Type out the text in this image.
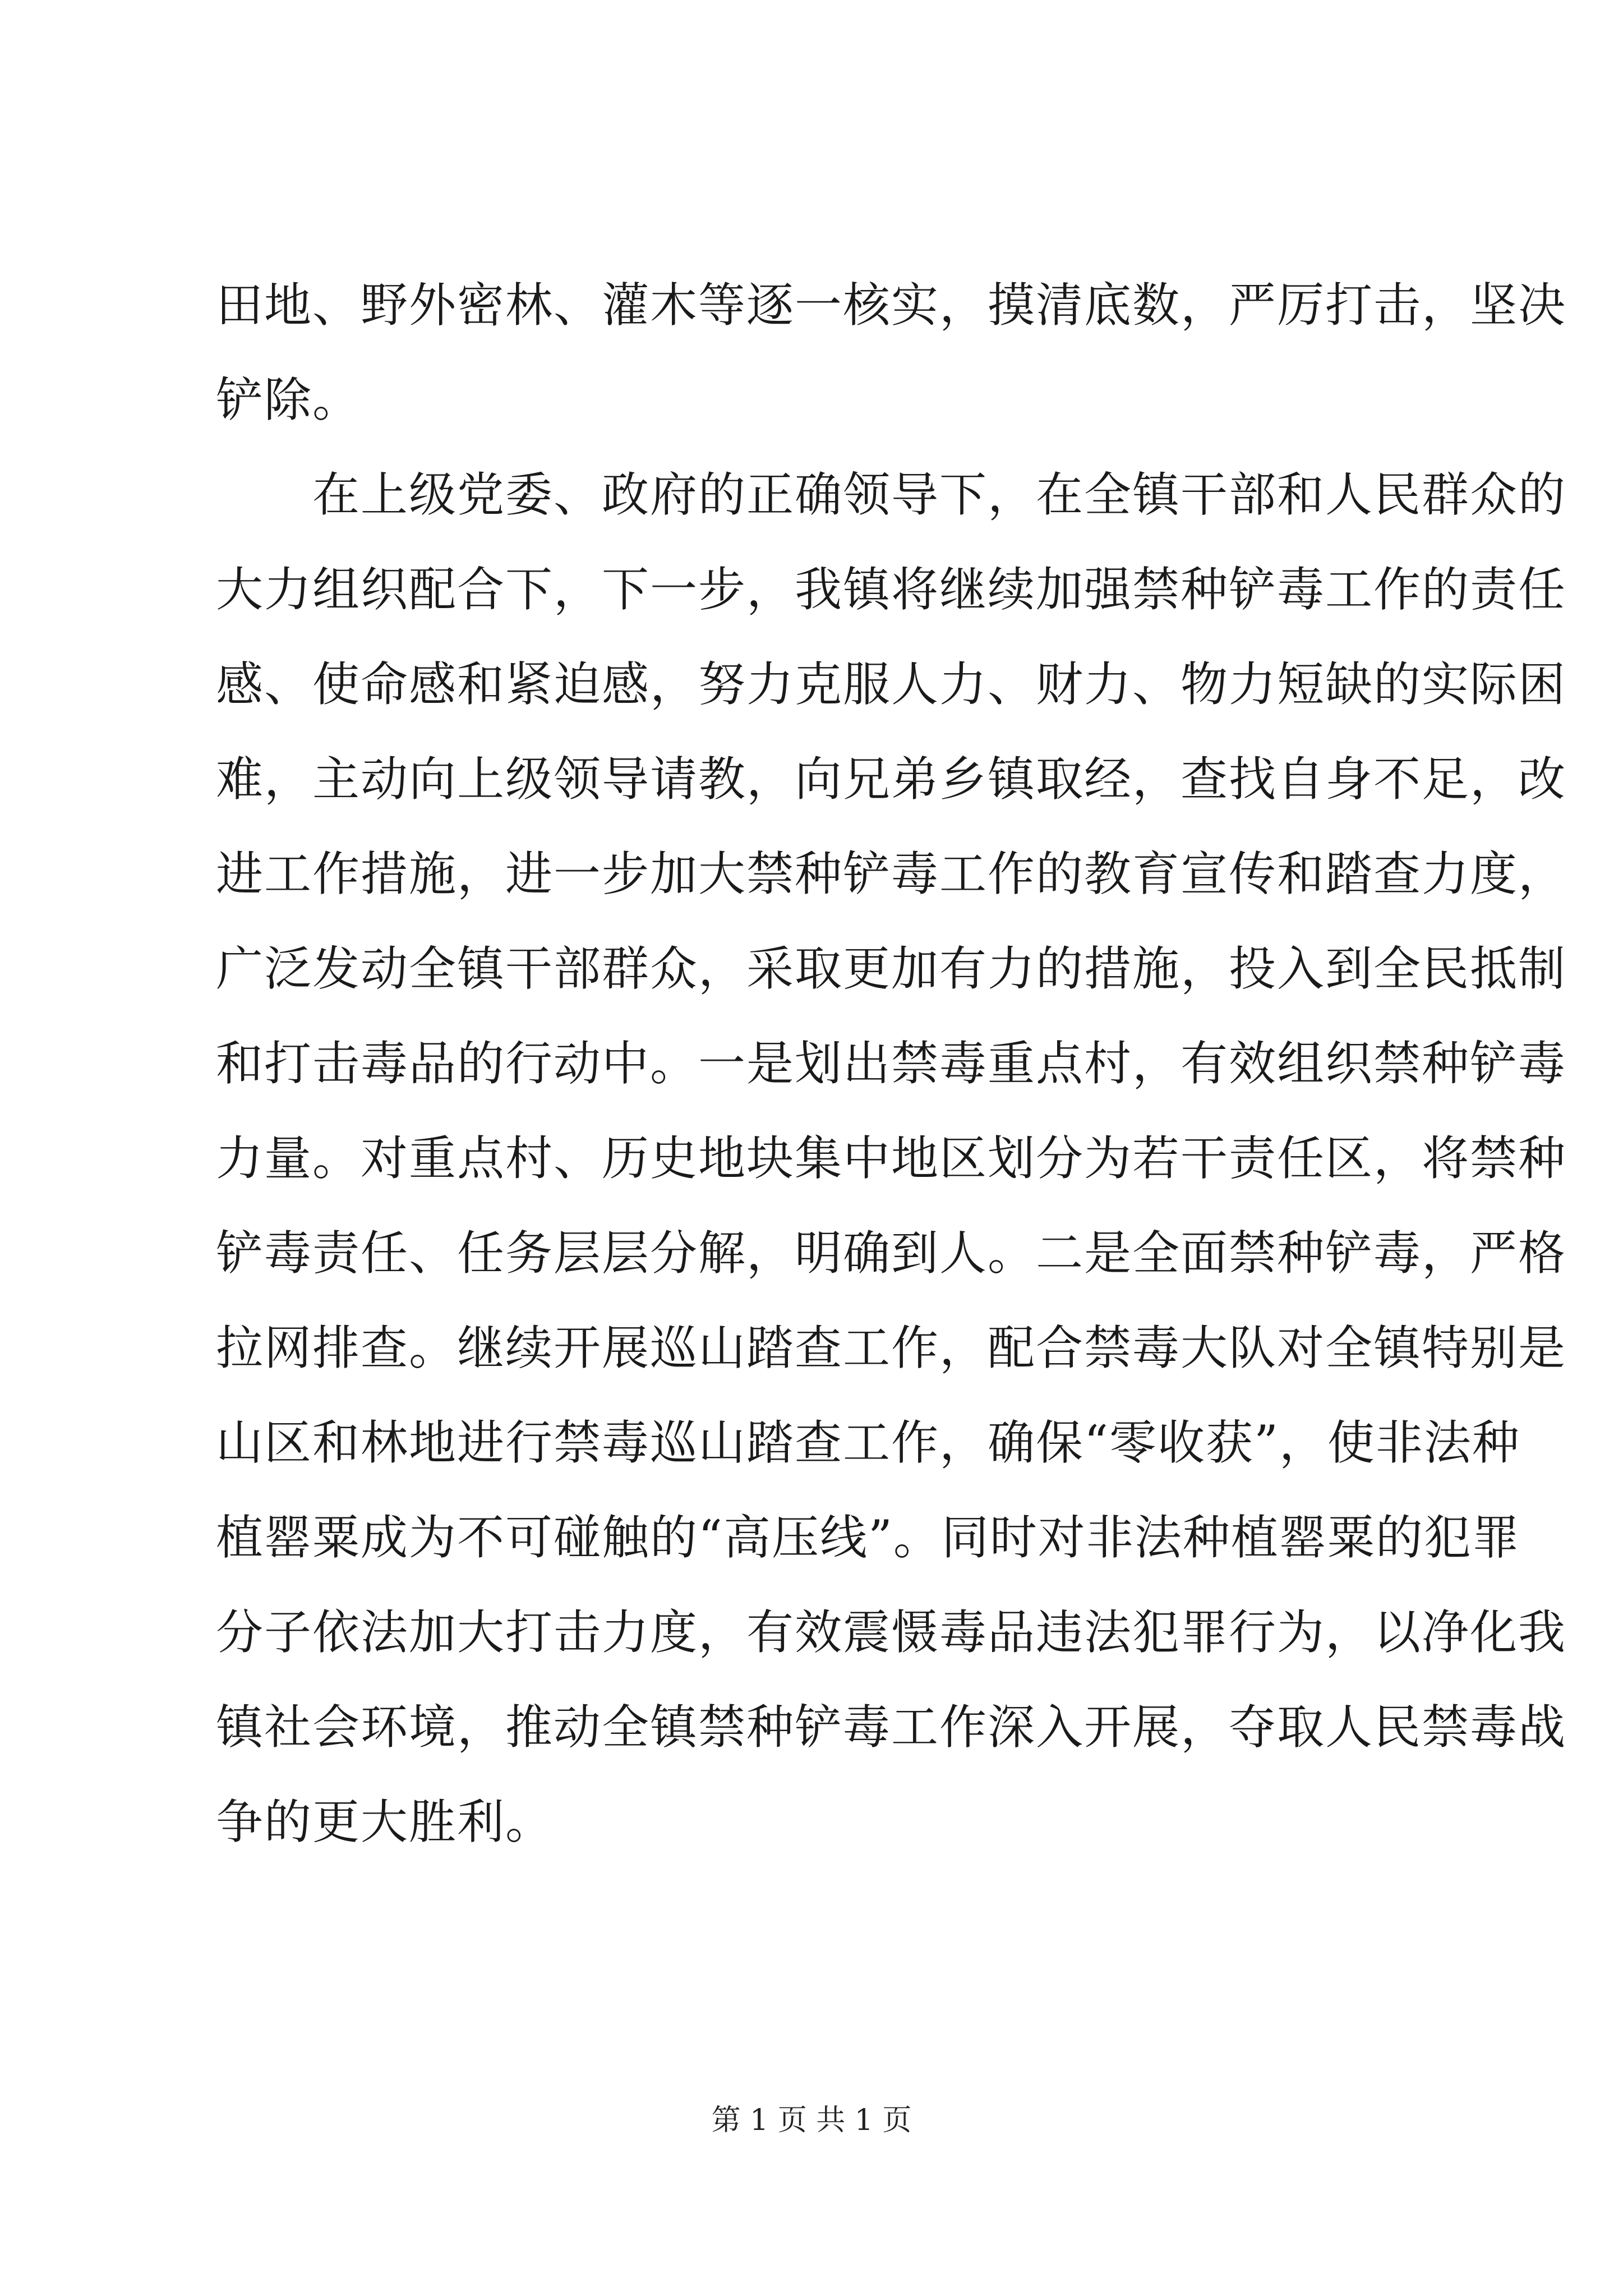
田地、野外密林、灌木等逐一核实，摸清底数，严厉打击，坚决
铲除。
　　在上级党委、政府的正确领导下，在全镇干部和人民群众的
大力组织配合下，下一步，我镇将继续加强禁种铲毒工作的责任
感、使命感和紧迫感，努力克服人力、财力、物力短缺的实际困
难，主动向上级领导请教，向兄弟乡镇取经，查找自身不足，改
进工作措施，进一步加大禁种铲毒工作的教育宣传和踏查力度，
广泛发动全镇干部群众，采取更加有力的措施，投入到全民抵制
和打击毒品的行动中。一是划出禁毒重点村，有效组织禁种铲毒
力量。对重点村、历史地块集中地区划分为若干责任区，将禁种
铲毒责任、任务层层分解，明确到人。二是全面禁种铲毒，严格
拉网排查。继续开展巡山踏查工作，配合禁毒大队对全镇特别是
山区和林地进行禁毒巡山踏查工作，确保“零收获”，使非法种
植罂粟成为不可碰触的“高压线”。同时对非法种植罂粟的犯罪
分子依法加大打击力度，有效震慑毒品违法犯罪行为，以净化我
镇社会环境，推动全镇禁种铲毒工作深入开展，夺取人民禁毒战
争的更大胜利。
第 1 页 共 1 页
